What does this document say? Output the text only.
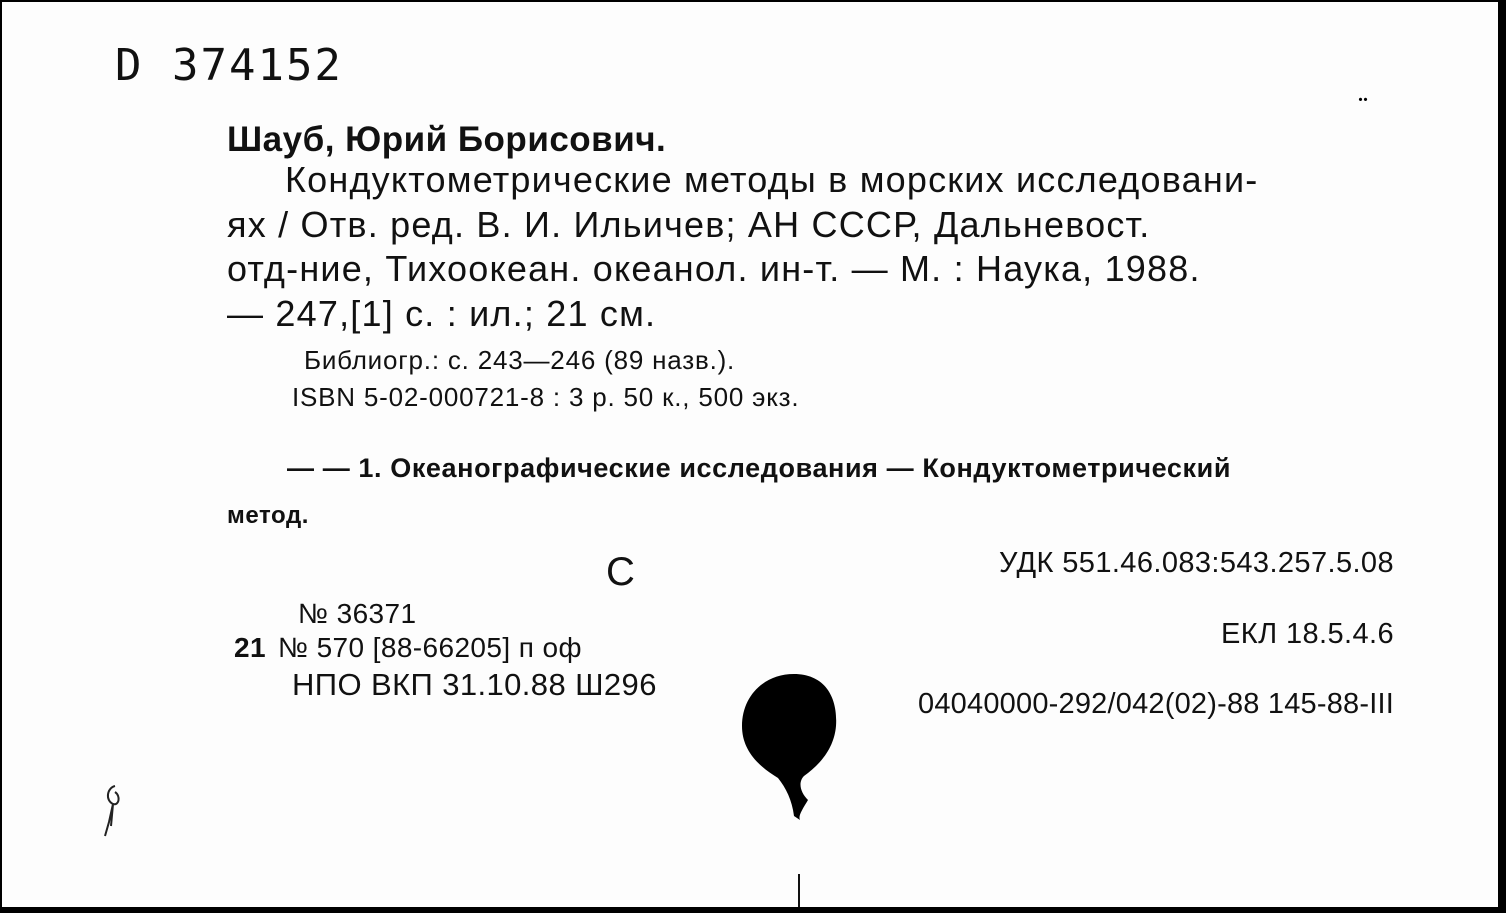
D 374152
..
Шауб, Юрий Борисович.
Кондуктометрические методы в морских исследовани-
ях / Отв. ред. В. И. Ильичев; АН СССР, Дальневост.
отд-ние, Тихоокеан. океанол. ин-т. — М. : Наука, 1988.
— 247,[1] с. : ил.; 21 см.
Библиогр.: с. 243—246 (89 назв.).
ISBN 5-02-000721-8 : 3 р. 50 к., 500 экз.
— — 1. Океанографические исследования — Кондуктометрический
метод.
С	УДК 551.46.083:543.257.5.08
ЕКЛ 18.5.4.6
№ 36371
21 № 570 [88-66205] п оф
НПО ВКП 31.10.88 Ш296
04040000-292/042(02)-88 145-88-III
